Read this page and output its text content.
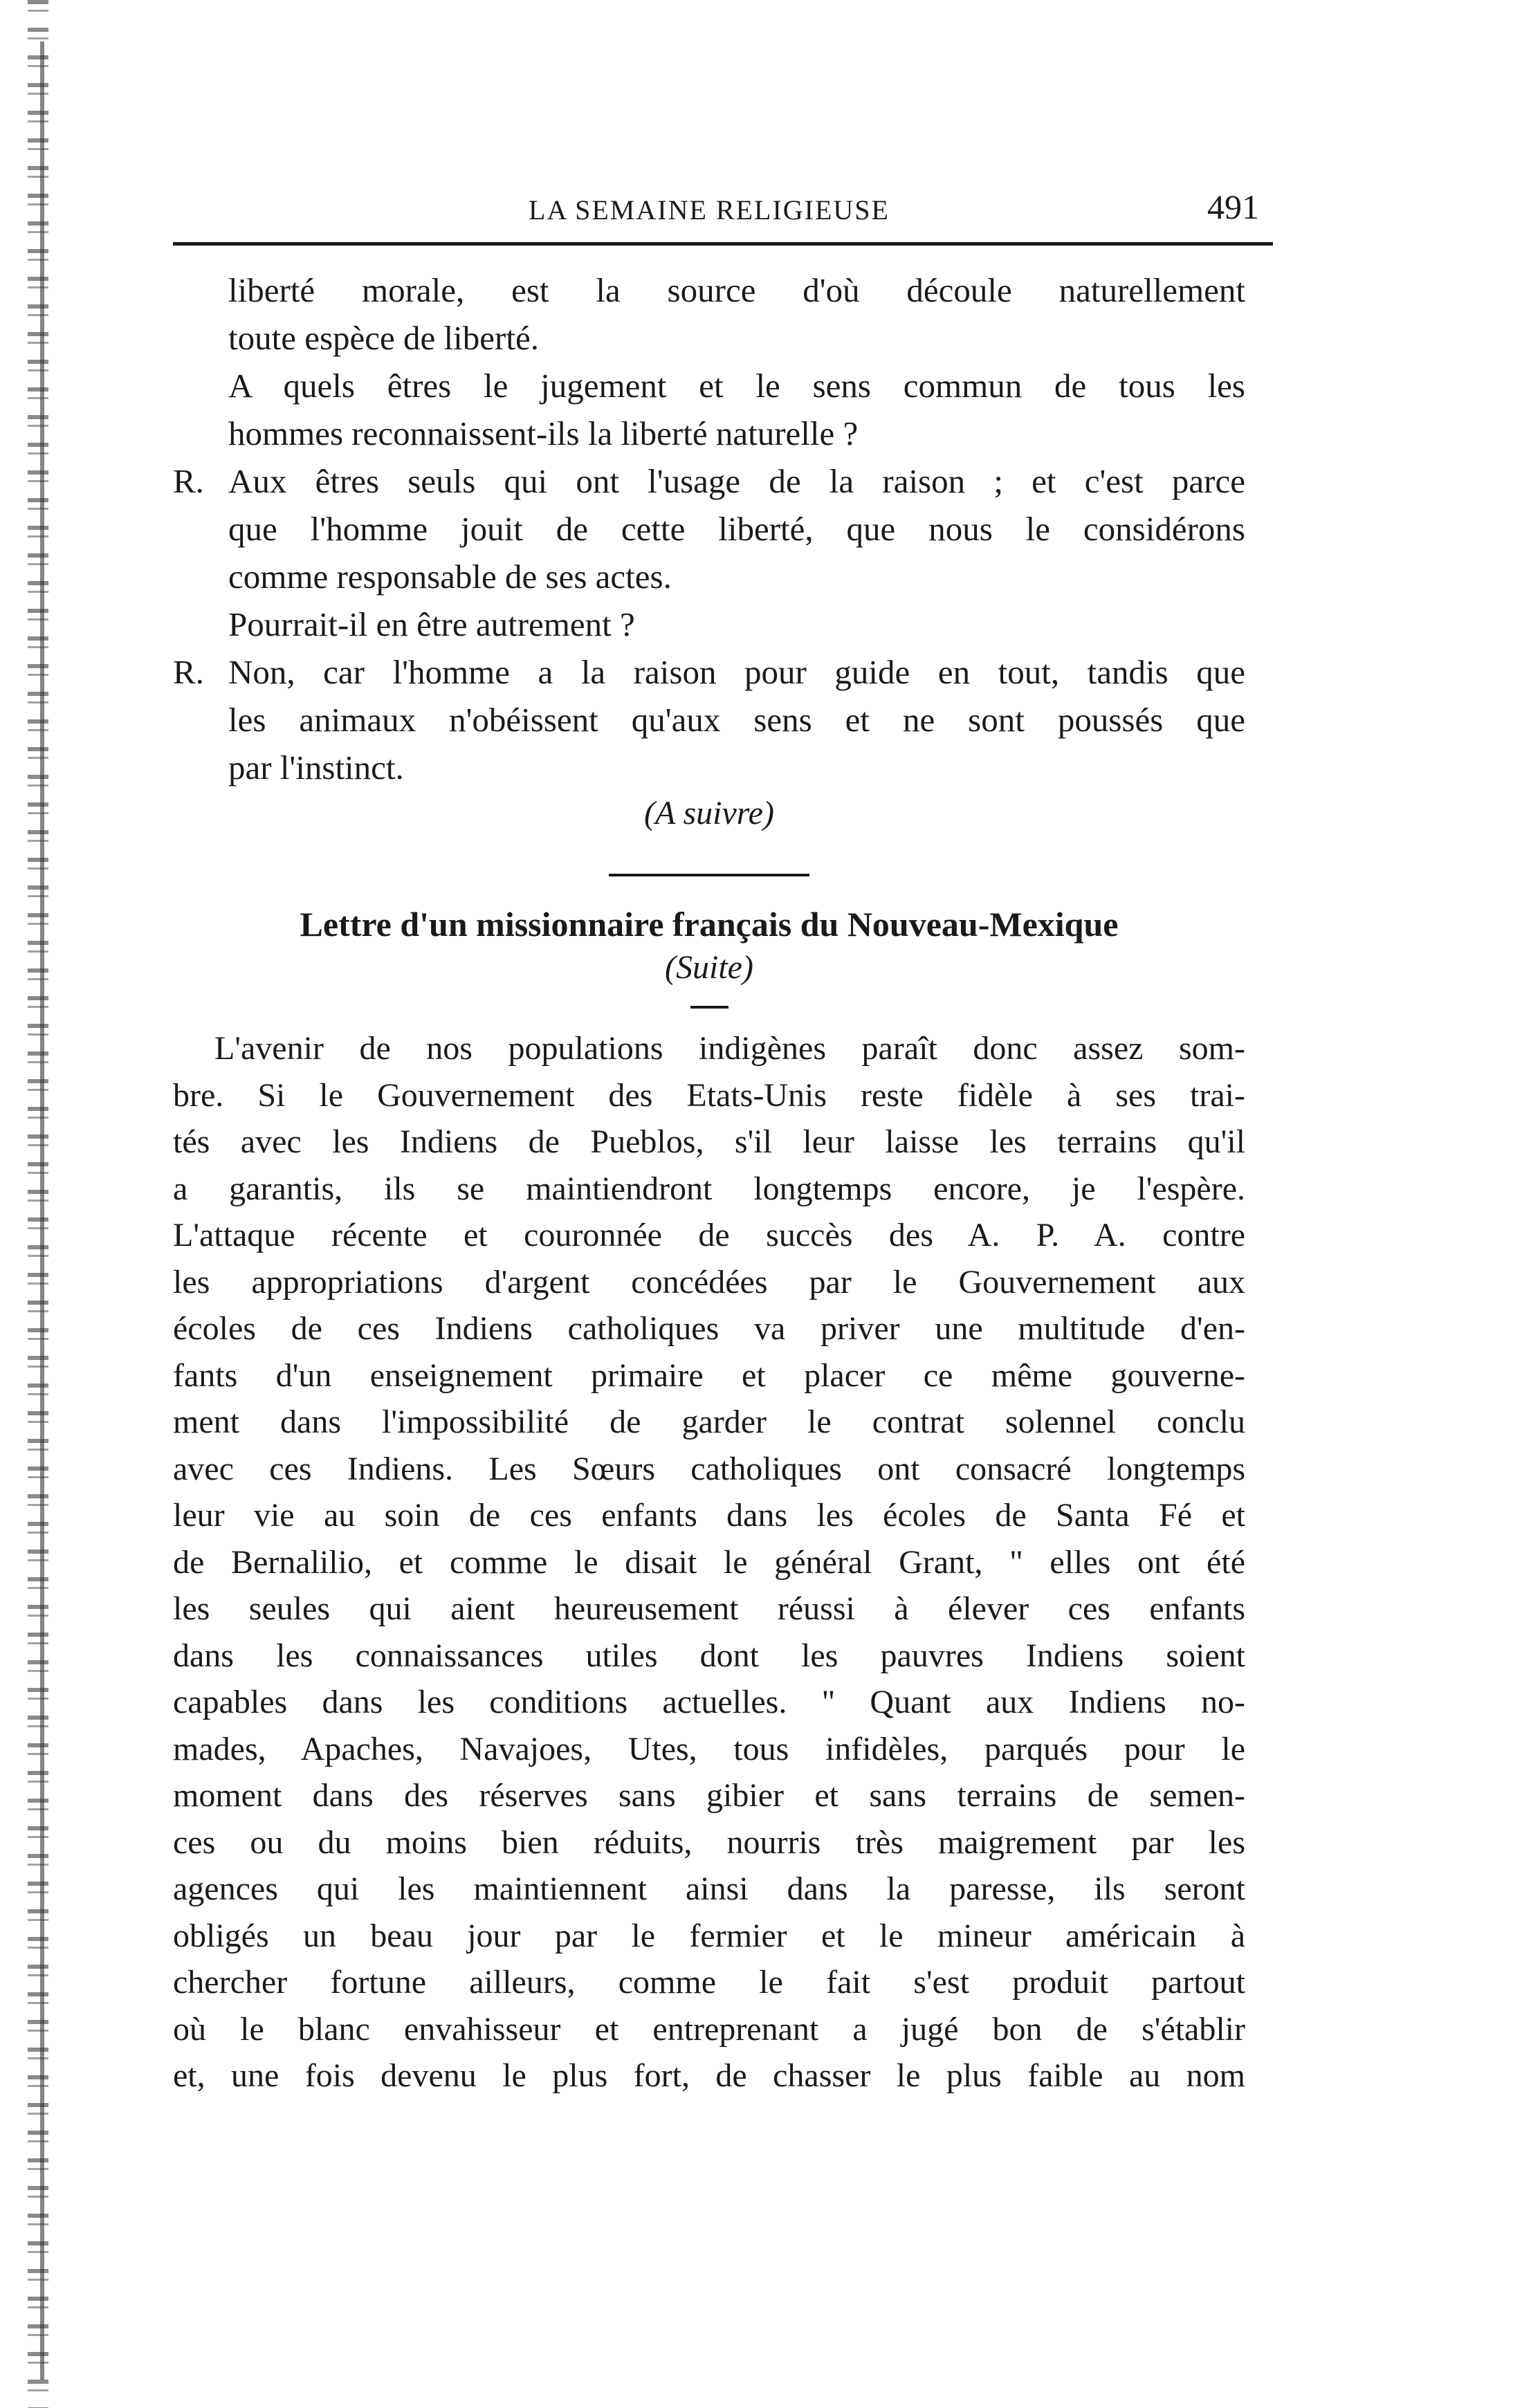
LA SEMAINE RELIGIEUSE	491
liberté morale, est la source d'où découle naturellement
toute espèce de liberté.
A quels êtres le jugement et le sens commun de tous les
hommes reconnaissent-ils la liberté naturelle ?
R. Aux êtres seuls qui ont l'usage de la raison ; et c'est parce
que l'homme jouit de cette liberté, que nous le considérons
comme responsable de ses actes.
Pourrait-il en être autrement ?
R. Non, car l'homme a la raison pour guide en tout, tandis que
les animaux n'obéissent qu'aux sens et ne sont poussés que
par l'instinct.
(A suivre)
Lettre d'un missionnaire français du Nouveau-Mexique
(Suite)
L'avenir de nos populations indigènes paraît donc assez som-
bre. Si le Gouvernement des Etats-Unis reste fidèle à ses trai-
tés avec les Indiens de Pueblos, s'il leur laisse les terrains qu'il
a garantis, ils se maintiendront longtemps encore, je l'espère.
L'attaque récente et couronnée de succès des A. P. A. contre
les appropriations d'argent concédées par le Gouvernement aux
écoles de ces Indiens catholiques va priver une multitude d'en-
fants d'un enseignement primaire et placer ce même gouverne-
ment dans l'impossibilité de garder le contrat solennel conclu
avec ces Indiens. Les Sœurs catholiques ont consacré longtemps
leur vie au soin de ces enfants dans les écoles de Santa Fé et
de Bernalilio, et comme le disait le général Grant, " elles ont été
les seules qui aient heureusement réussi à élever ces enfants
dans les connaissances utiles dont les pauvres Indiens soient
capables dans les conditions actuelles. " Quant aux Indiens no-
mades, Apaches, Navajoes, Utes, tous infidèles, parqués pour le
moment dans des réserves sans gibier et sans terrains de semen-
ces ou du moins bien réduits, nourris très maigrement par les
agences qui les maintiennent ainsi dans la paresse, ils seront
obligés un beau jour par le fermier et le mineur américain à
chercher fortune ailleurs, comme le fait s'est produit partout
où le blanc envahisseur et entreprenant a jugé bon de s'établir
et, une fois devenu le plus fort, de chasser le plus faible au nom
